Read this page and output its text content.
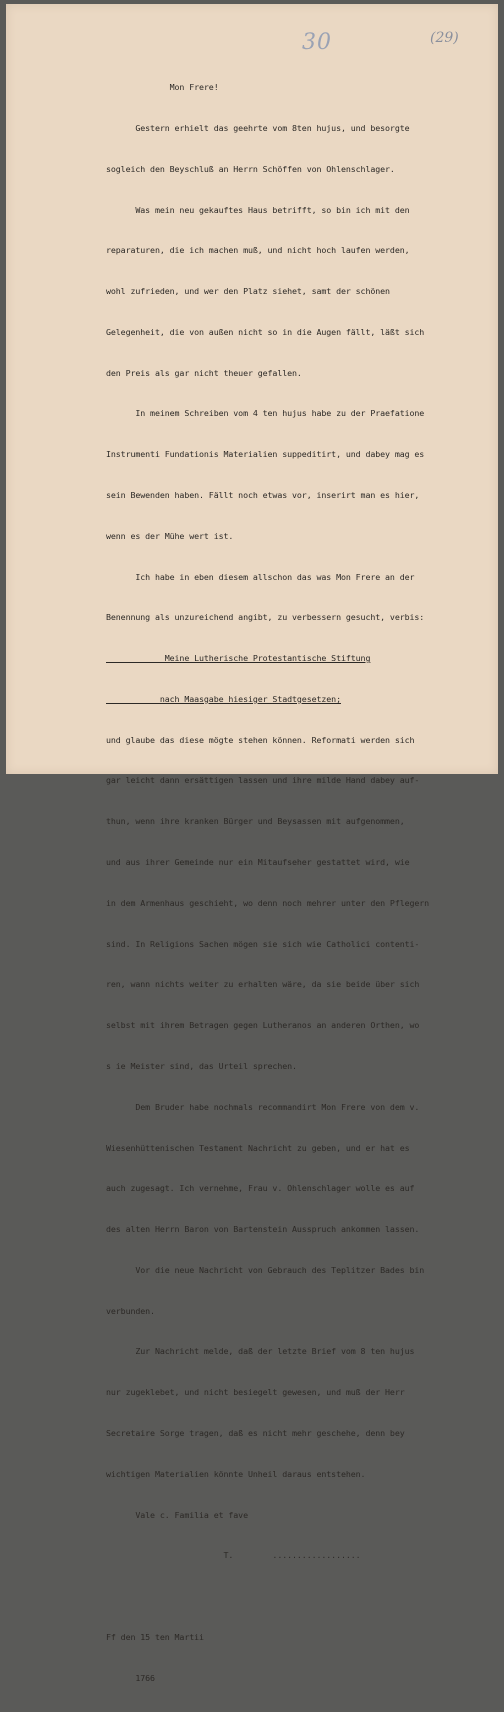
30	(29)

Mon Frere!

Gestern erhielt das geehrte vom 8ten hujus, und besorgte

sogleich den Beyschluß an Herrn Schöffen von Ohlenschlager.

Was mein neu gekauftes Haus betrifft, so bin ich mit den

reparaturen, die ich machen muß, und nicht hoch laufen werden,

wohl zufrieden, und wer den Platz siehet, samt der schönen

Gelegenheit, die von außen nicht so in die Augen fällt, läßt sich

den Preis als gar nicht theuer gefallen.

In meinem Schreiben vom 4 ten hujus habe zu der Praefatione

Instrumenti Fundationis Materialien suppeditirt, und dabey mag es

sein Bewenden haben. Fällt noch etwas vor, inserirt man es hier,

wenn es der Mühe wert ist.

Ich habe in eben diesem allschon das was Mon Frere an der

Benennung als unzureichend angibt, zu verbessern gesucht, verbis:

Meine Lutherische Protestantische Stiftung

nach Maasgabe hiesiger Stadtgesetzen;

und glaube das diese mögte stehen können. Reformati werden sich

gar leicht dann ersättigen lassen und ihre milde Hand dabey auf-

thun, wenn ihre kranken Bürger und Beysassen mit aufgenommen,

und aus ihrer Gemeinde nur ein Mitaufseher gestattet wird, wie

in dem Armenhaus geschieht, wo denn noch mehrer unter den Pflegern

sind. In Religions Sachen mögen sie sich wie Catholici contenti-

ren, wann nichts weiter zu erhalten wäre, da sie beide über sich

selbst mit ihrem Betragen gegen Lutheranos an anderen Orthen, wo

s ie Meister sind, das Urteil sprechen.

Dem Bruder habe nochmals recommandirt Mon Frere von dem v.

Wiesenhüttenischen Testament Nachricht zu geben, und er hat es

auch zugesagt. Ich vernehme, Frau v. Ohlenschlager wolle es auf

des alten Herrn Baron von Bartenstein Ausspruch ankommen lassen.

Vor die neue Nachricht von Gebrauch des Teplitzer Bades bin

verbunden.

Zur Nachricht melde, daß der letzte Brief vom 8 ten hujus

nur zugeklebet, und nicht besiegelt gewesen, und muß der Herr

Secretaire Sorge tragen, daß es nicht mehr geschehe, denn bey

wichtigen Materialien könnte Unheil daraus entstehen.

Vale c. Familia et fave

T.        ..................

Ff den 15 ten Martii

1766
